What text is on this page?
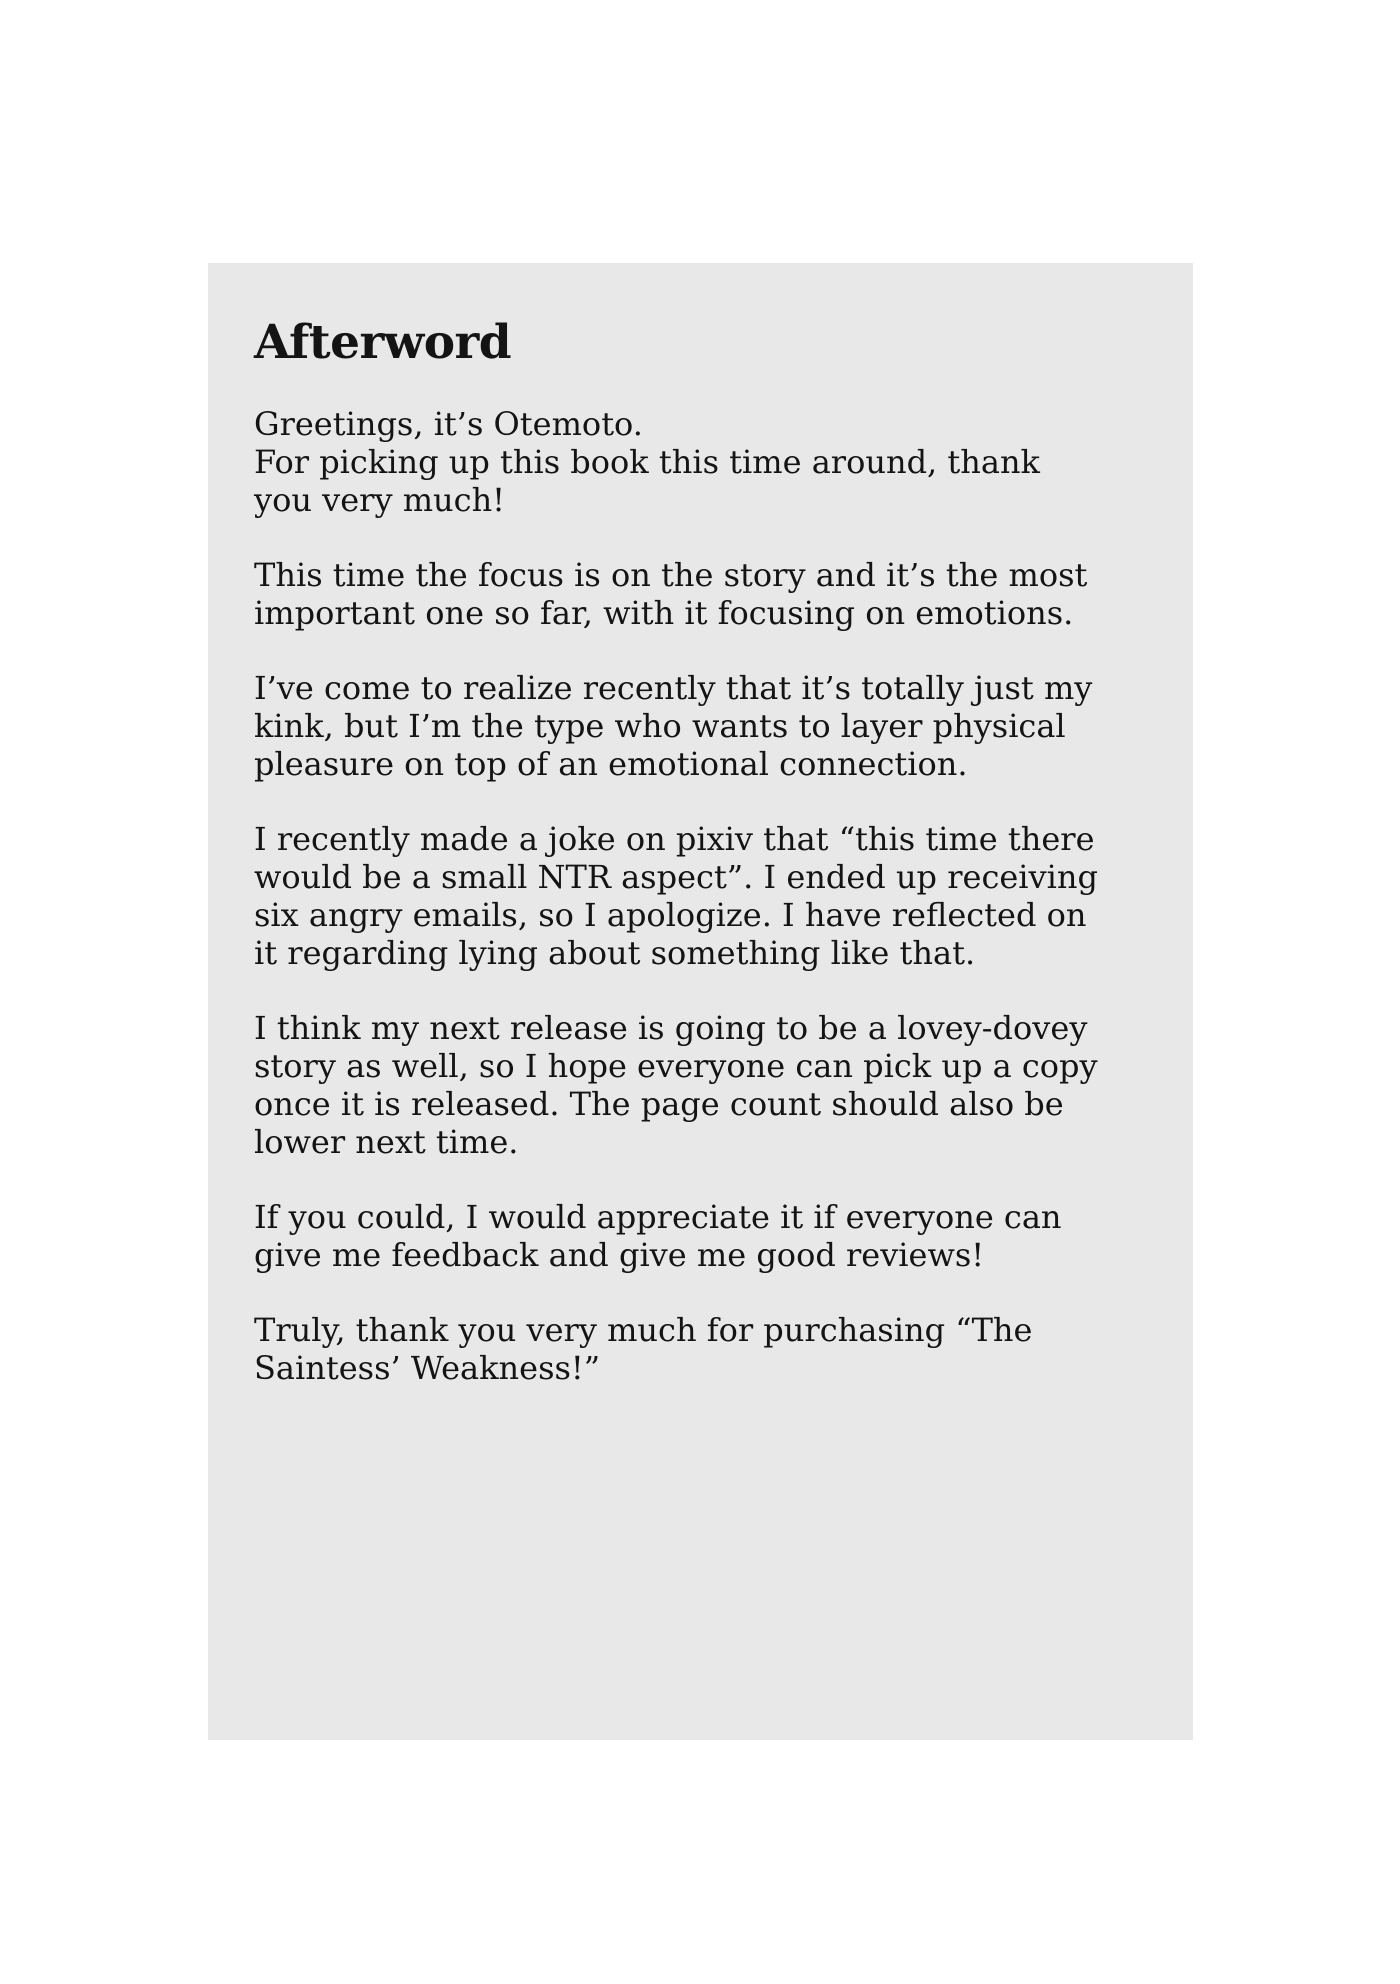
Afterword

Greetings, it’s Otemoto.
For picking up this book this time around, thank
you very much!

This time the focus is on the story and it’s the most
important one so far, with it focusing on emotions.

I’ve come to realize recently that it’s totally just my
kink, but I’m the type who wants to layer physical
pleasure on top of an emotional connection.

I recently made a joke on pixiv that “this time there
would be a small NTR aspect”. I ended up receiving
six angry emails, so I apologize. I have reflected on
it regarding lying about something like that.

I think my next release is going to be a lovey-dovey
story as well, so I hope everyone can pick up a copy
once it is released. The page count should also be
lower next time.

If you could, I would appreciate it if everyone can
give me feedback and give me good reviews!

Truly, thank you very much for purchasing “The
Saintess’ Weakness!”
